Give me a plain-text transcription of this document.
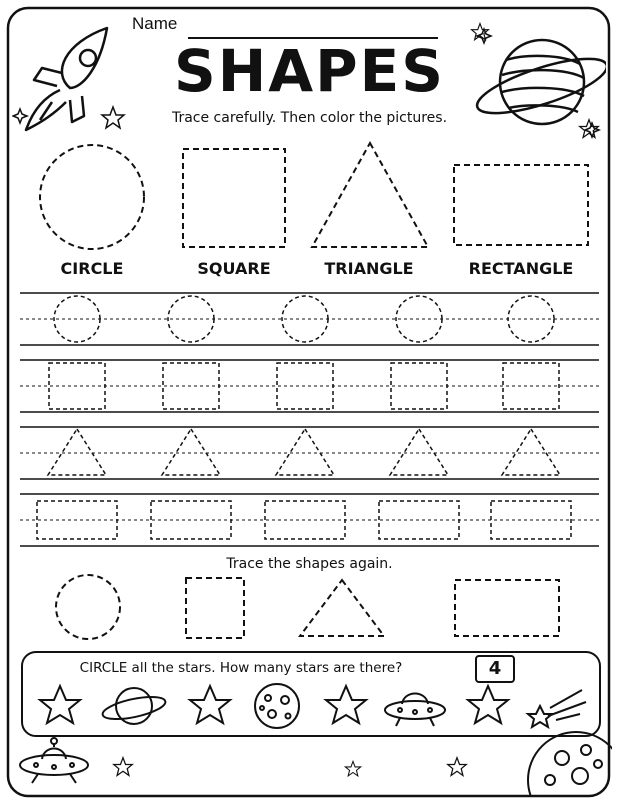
Name
SHAPES
Trace carefully. Then color the pictures.
CIRCLE	SQUARE	TRIANGLE	RECTANGLE
Trace the shapes again.
CIRCLE all the stars. How many stars are there?	4
